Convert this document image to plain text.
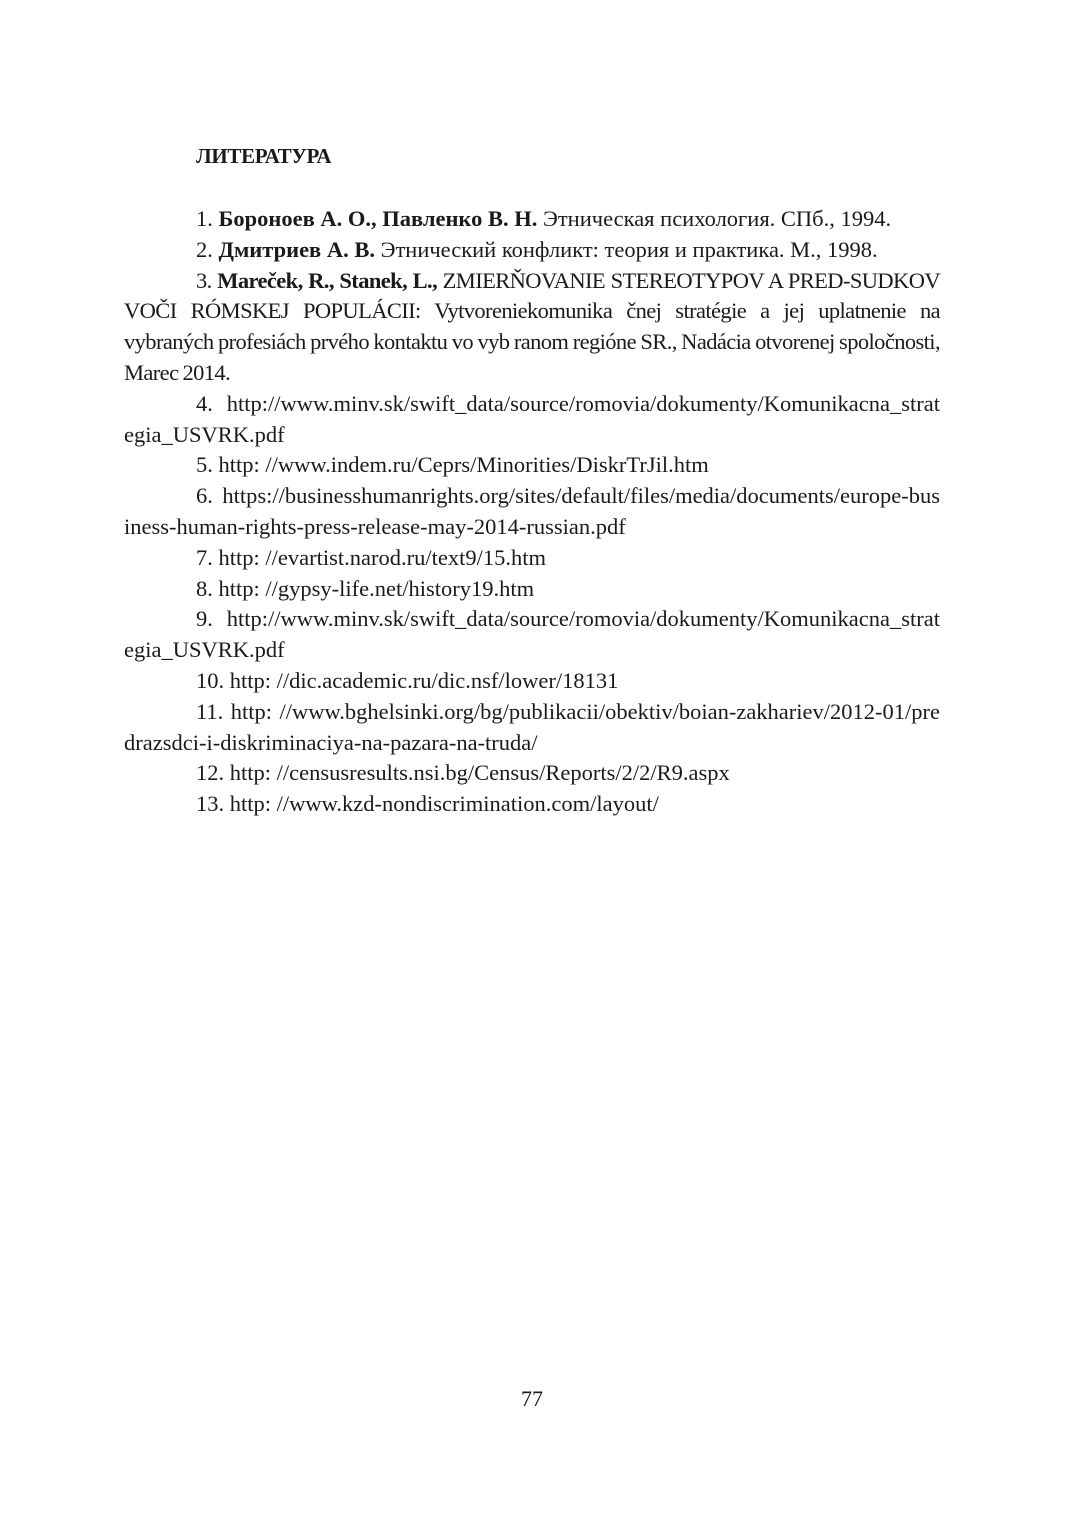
ЛИТЕРАТУРА

1. Бороноев А. О., Павленко В. Н. Этническая психология. СПб., 1994.

2. Дмитриев А. В. Этнический конфликт: теория и практика. М., 1998.

3. Mareček, R., Stanek, L., ZMIERŇOVANIE STEREOTYPOV A PRED-SUDKOV VOČI RÓMSKEJ POPULÁCII: Vytvoreniekomunika čnej stratégie a jej uplatnenie na vybraných profesiách prvého kontaktu vo vyb ranom regióne SR., Nadácia otvorenej spoločnosti, Marec 2014.

4. http://www.minv.sk/swift_data/source/romovia/dokumenty/Komunikacna_strategia_USVRK.pdf

5. http: //www.indem.ru/Ceprs/Minorities/DiskrTrJil.htm

6. https://businesshumanrights.org/sites/default/files/media/documents/europe-business-human-rights-press-release-may-2014-russian.pdf

7. http: //evartist.narod.ru/text9/15.htm

8. http: //gypsy-life.net/history19.htm

9. http://www.minv.sk/swift_data/source/romovia/dokumenty/Komunikacna_strategia_USVRK.pdf

10. http: //dic.academic.ru/dic.nsf/lower/18131

11. http: //www.bghelsinki.org/bg/publikacii/obektiv/boian-zakhariev/2012-01/predrazsdci-i-diskriminaciya-na-pazara-na-truda/

12. http: //censusresults.nsi.bg/Census/Reports/2/2/R9.aspx

13. http: //www.kzd-nondiscrimination.com/layout/

77
